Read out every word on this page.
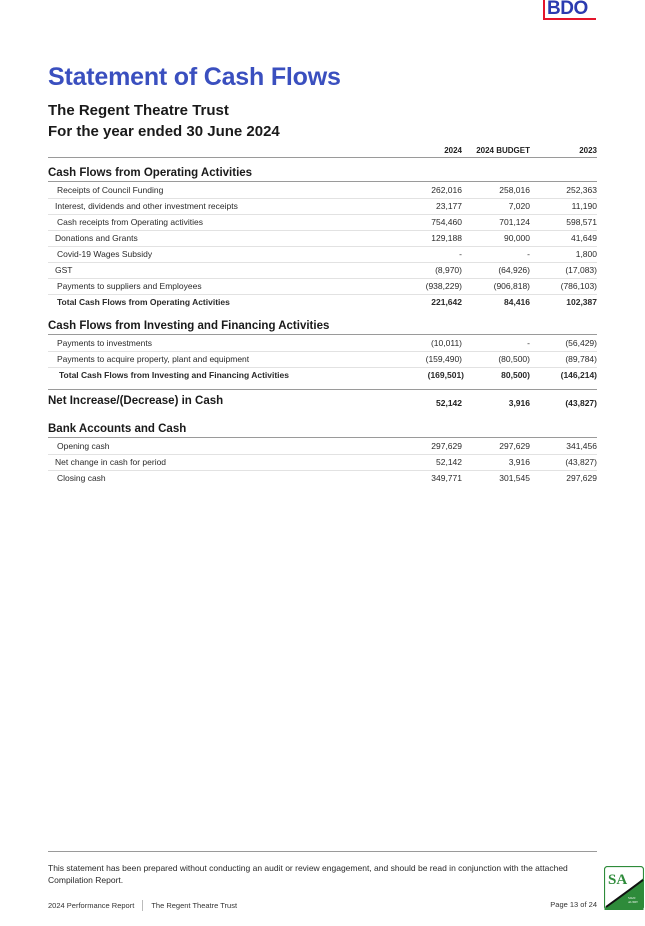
BDO
Statement of Cash Flows
The Regent Theatre Trust
For the year ended 30 June 2024
2024	2024 BUDGET	2023
Cash Flows from Operating Activities
Receipts of Council Funding	262,016	258,016	252,363
Interest, dividends and other investment receipts	23,177	7,020	11,190
Cash receipts from Operating activities	754,460	701,124	598,571
Donations and Grants	129,188	90,000	41,649
Covid-19 Wages Subsidy	-	-	1,800
GST	(8,970)	(64,926)	(17,083)
Payments to suppliers and Employees	(938,229)	(906,818)	(786,103)
Total Cash Flows from Operating Activities	221,642	84,416	102,387
Cash Flows from Investing and Financing Activities
Payments to investments	(10,011)	-	(56,429)
Payments to acquire property, plant and equipment	(159,490)	(80,500)	(89,784)
Total Cash Flows from Investing and Financing Activities	(169,501)	80,500)	(146,214)
Net Increase/(Decrease) in Cash	52,142	3,916	(43,827)
Bank Accounts and Cash
Opening cash	297,629	297,629	341,456
Net change in cash for period	52,142	3,916	(43,827)
Closing cash	349,771	301,545	297,629
This statement has been prepared without conducting an audit or review engagement, and should be read in conjunction with the attached Compilation Report.
2024 Performance Report The Regent Theatre Trust	Page 13 of 24
SA
SIGN
AUDIT
